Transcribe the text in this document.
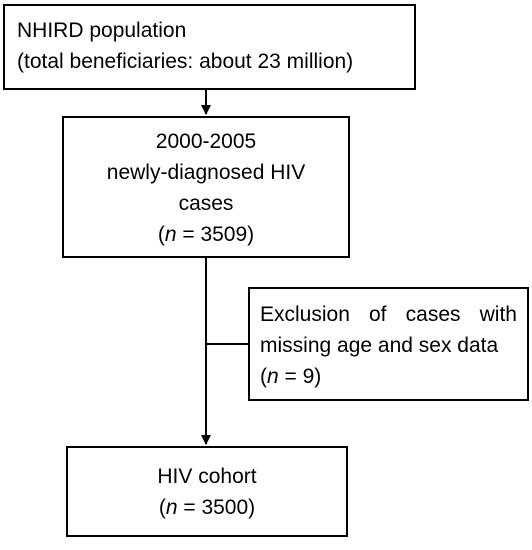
NHIRD population
(total beneficiaries: about 23 million)
2000-2005
newly-diagnosed HIV
cases
(n = 3509)
Exclusion of cases with
missing age and sex data
(n = 9)
HIV cohort
(n = 3500)
